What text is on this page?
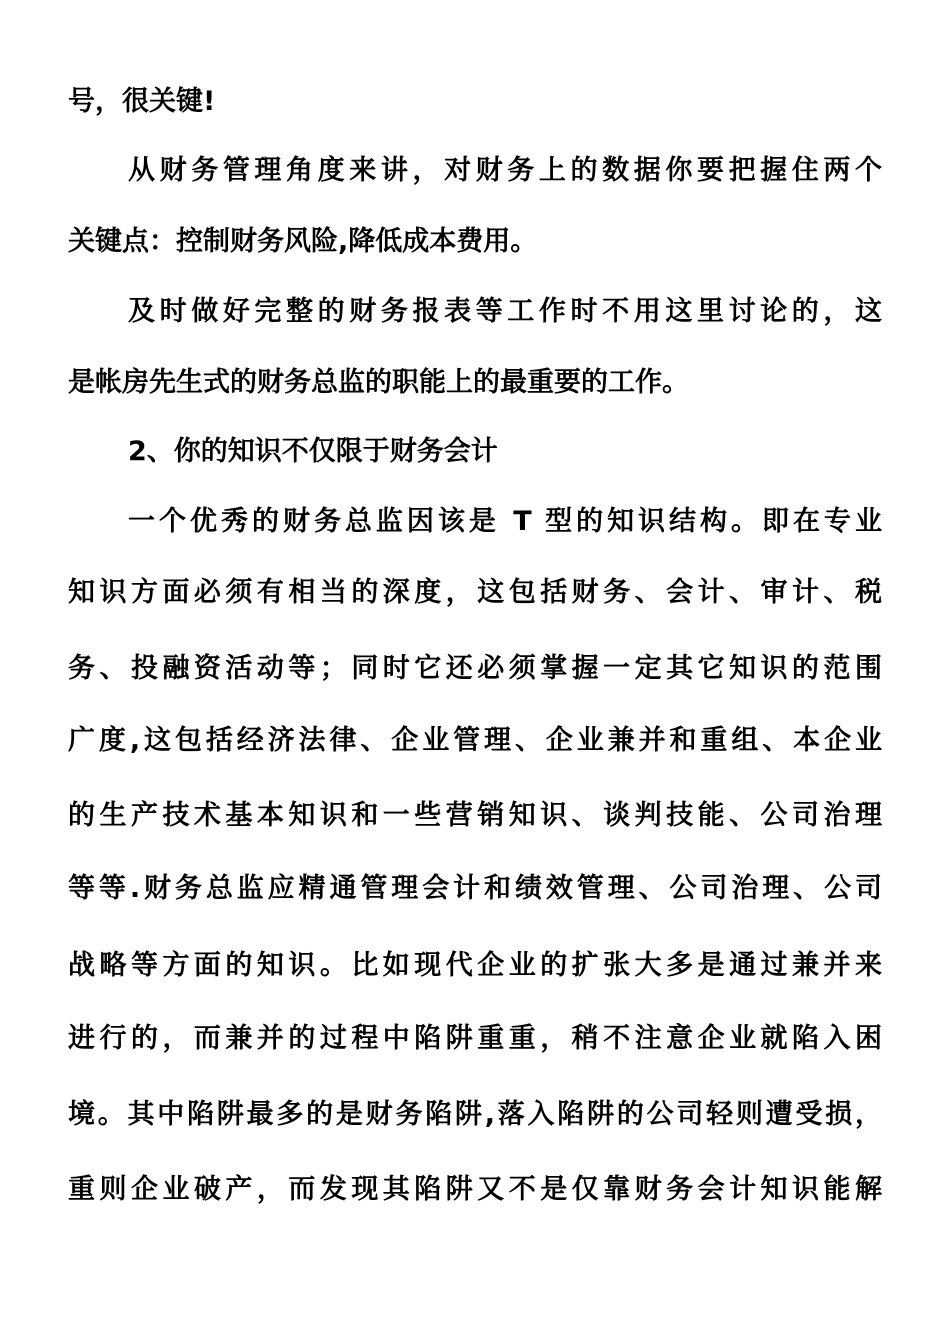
号，很关键!
从财务管理角度来讲，对财务上的数据你要把握住两个
关键点：控制财务风险,降低成本费用。
及时做好完整的财务报表等工作时不用这里讨论的，这
是帐房先生式的财务总监的职能上的最重要的工作。
2、你的知识不仅限于财务会计
一个优秀的财务总监因该是 T 型的知识结构。即在专业
知识方面必须有相当的深度，这包括财务、会计、审计、税
务、投融资活动等；同时它还必须掌握一定其它知识的范围
广度,这包括经济法律、企业管理、企业兼并和重组、本企业
的生产技术基本知识和一些营销知识、谈判技能、公司治理
等等.财务总监应精通管理会计和绩效管理、公司治理、公司
战略等方面的知识。比如现代企业的扩张大多是通过兼并来
进行的，而兼并的过程中陷阱重重，稍不注意企业就陷入困
境。其中陷阱最多的是财务陷阱,落入陷阱的公司轻则遭受损，
重则企业破产，而发现其陷阱又不是仅靠财务会计知识能解
